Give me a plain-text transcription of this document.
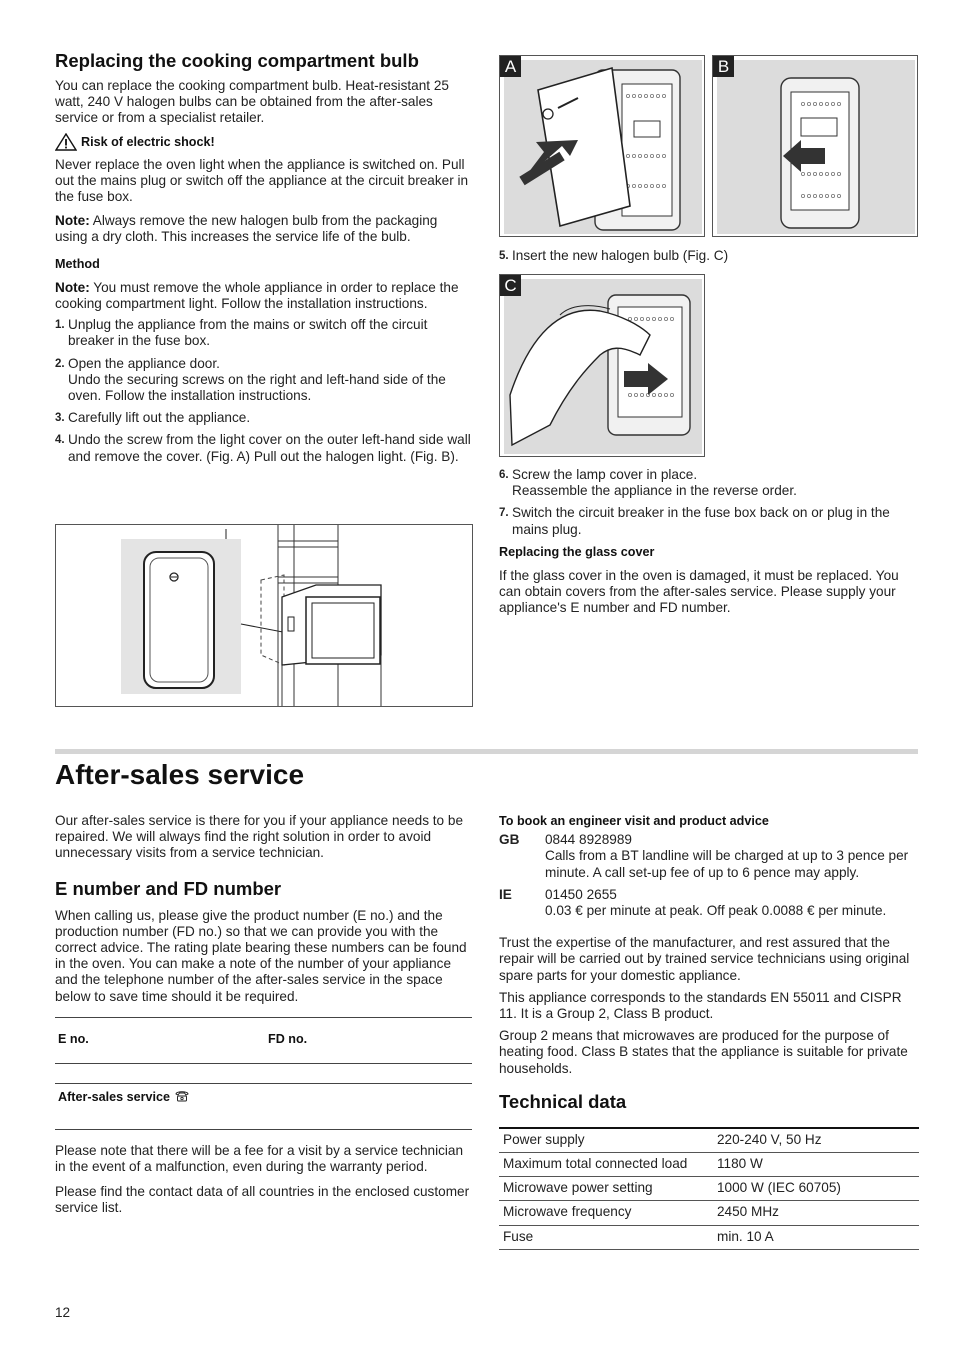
Replacing the cooking compartment bulb

You can replace the cooking compartment bulb. Heat-resistant 25 watt, 240 V halogen bulbs can be obtained from the after-sales service or from a specialist retailer.

Risk of electric shock!

Never replace the oven light when the appliance is switched on. Pull out the mains plug or switch off the appliance at the circuit breaker in the fuse box.

Note: Always remove the new halogen bulb from the packaging using a dry cloth. This increases the service life of the bulb.

Method

Note: You must remove the whole appliance in order to replace the cooking compartment light. Follow the installation instructions.

1. Unplug the appliance from the mains or switch off the circuit breaker in the fuse box.
2. Open the appliance door.
Undo the securing screws on the right and left-hand side of the oven. Follow the installation instructions.
3. Carefully lift out the appliance.
4. Undo the screw from the light cover on the outer left-hand side wall and remove the cover. (Fig. A) Pull out the halogen light. (Fig. B).
A	B
5. Insert the new halogen bulb (Fig. C)
C
6. Screw the lamp cover in place.
Reassemble the appliance in the reverse order.
7. Switch the circuit breaker in the fuse box back on or plug in the mains plug.
Replacing the glass cover

If the glass cover in the oven is damaged, it must be replaced. You can obtain covers from the after-sales service. Please supply your appliance's E number and FD number.

After-sales service

Our after-sales service is there for you if your appliance needs to be repaired. We will always find the right solution in order to avoid unnecessary visits from a service technician.

E number and FD number

When calling us, please give the product number (E no.) and the production number (FD no.) so that we can provide you with the correct advice. The rating plate bearing these numbers can be found in the oven. You can make a note of the number of your appliance and the telephone number of the after-sales service in the space below to save time should it be required.

E no.	FD no.

After-sales service

Please note that there will be a fee for a visit by a service technician in the event of a malfunction, even during the warranty period.

Please find the contact data of all countries in the enclosed customer service list.

To book an engineer visit and product advice
GB	0844 8928989
Calls from a BT landline will be charged at up to 3 pence per minute. A call set-up fee of up to 6 pence may apply.
IE	01450 2655
0.03 € per minute at peak. Off peak 0.0088 € per minute.

Trust the expertise of the manufacturer, and rest assured that the repair will be carried out by trained service technicians using original spare parts for your domestic appliance.

This appliance corresponds to the standards EN 55011 and CISPR 11. It is a Group 2, Class B product.

Group 2 means that microwaves are produced for the purpose of heating food. Class B states that the appliance is suitable for private households.

Technical data
Power supply	220-240 V, 50 Hz
Maximum total connected load	1180 W
Microwave power setting	1000 W (IEC 60705)
Microwave frequency	2450 MHz
Fuse	min. 10 A
12
